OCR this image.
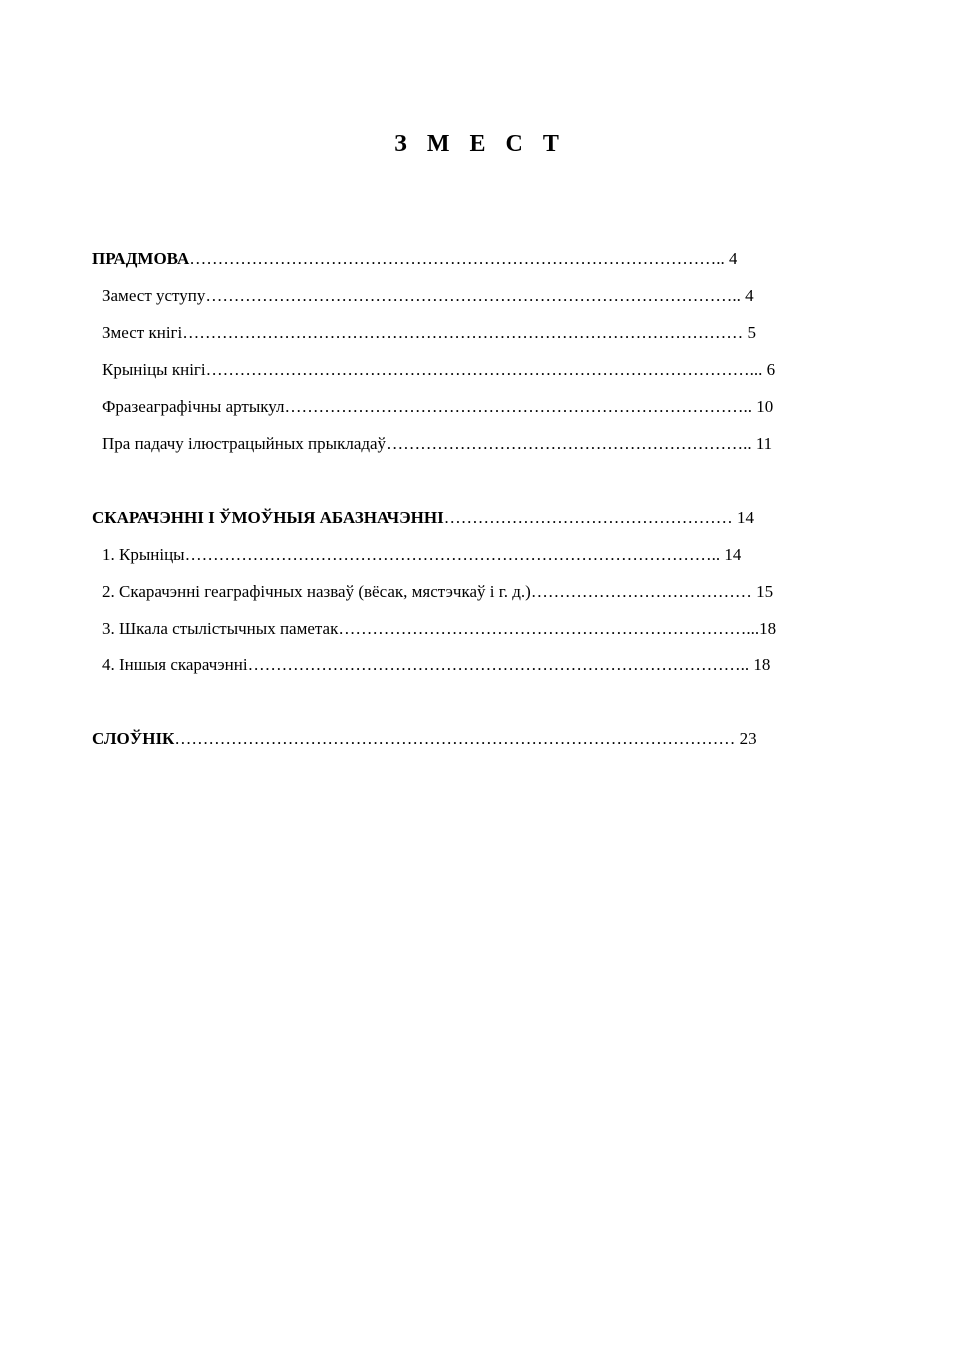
З М Е С Т
ПРАДМОВА………………………………………………………………………………….. 4
Замест уступу………………………………………………………………………………….. 4
Змест кнігі……………………………………………………………………………………… 5
Крыніцы кнігі……………………………………………………………………………………... 6
Фразеаграфічны артыкул……………………………………………………………………….. 10
Пра падачу ілюстрацыйных прыкладаў……………………………………………………….. 11
СКАРАЧЭННІ І ЎМОЎНЫЯ АБАЗНАЧЭННІ…………………………………………… 14
1. Крыніцы………………………………………………………………………………….. 14
2. Скарачэнні геаграфічных назваў (вёсак, мястэчкаў і г. д.)………………………………… 15
3. Шкала стылістычных паметак………………………………………………………………...18
4. Іншыя скарачэнні…………………………………………………………………………….. 18
СЛОЎНІК……………………………………………………………………………………… 23
